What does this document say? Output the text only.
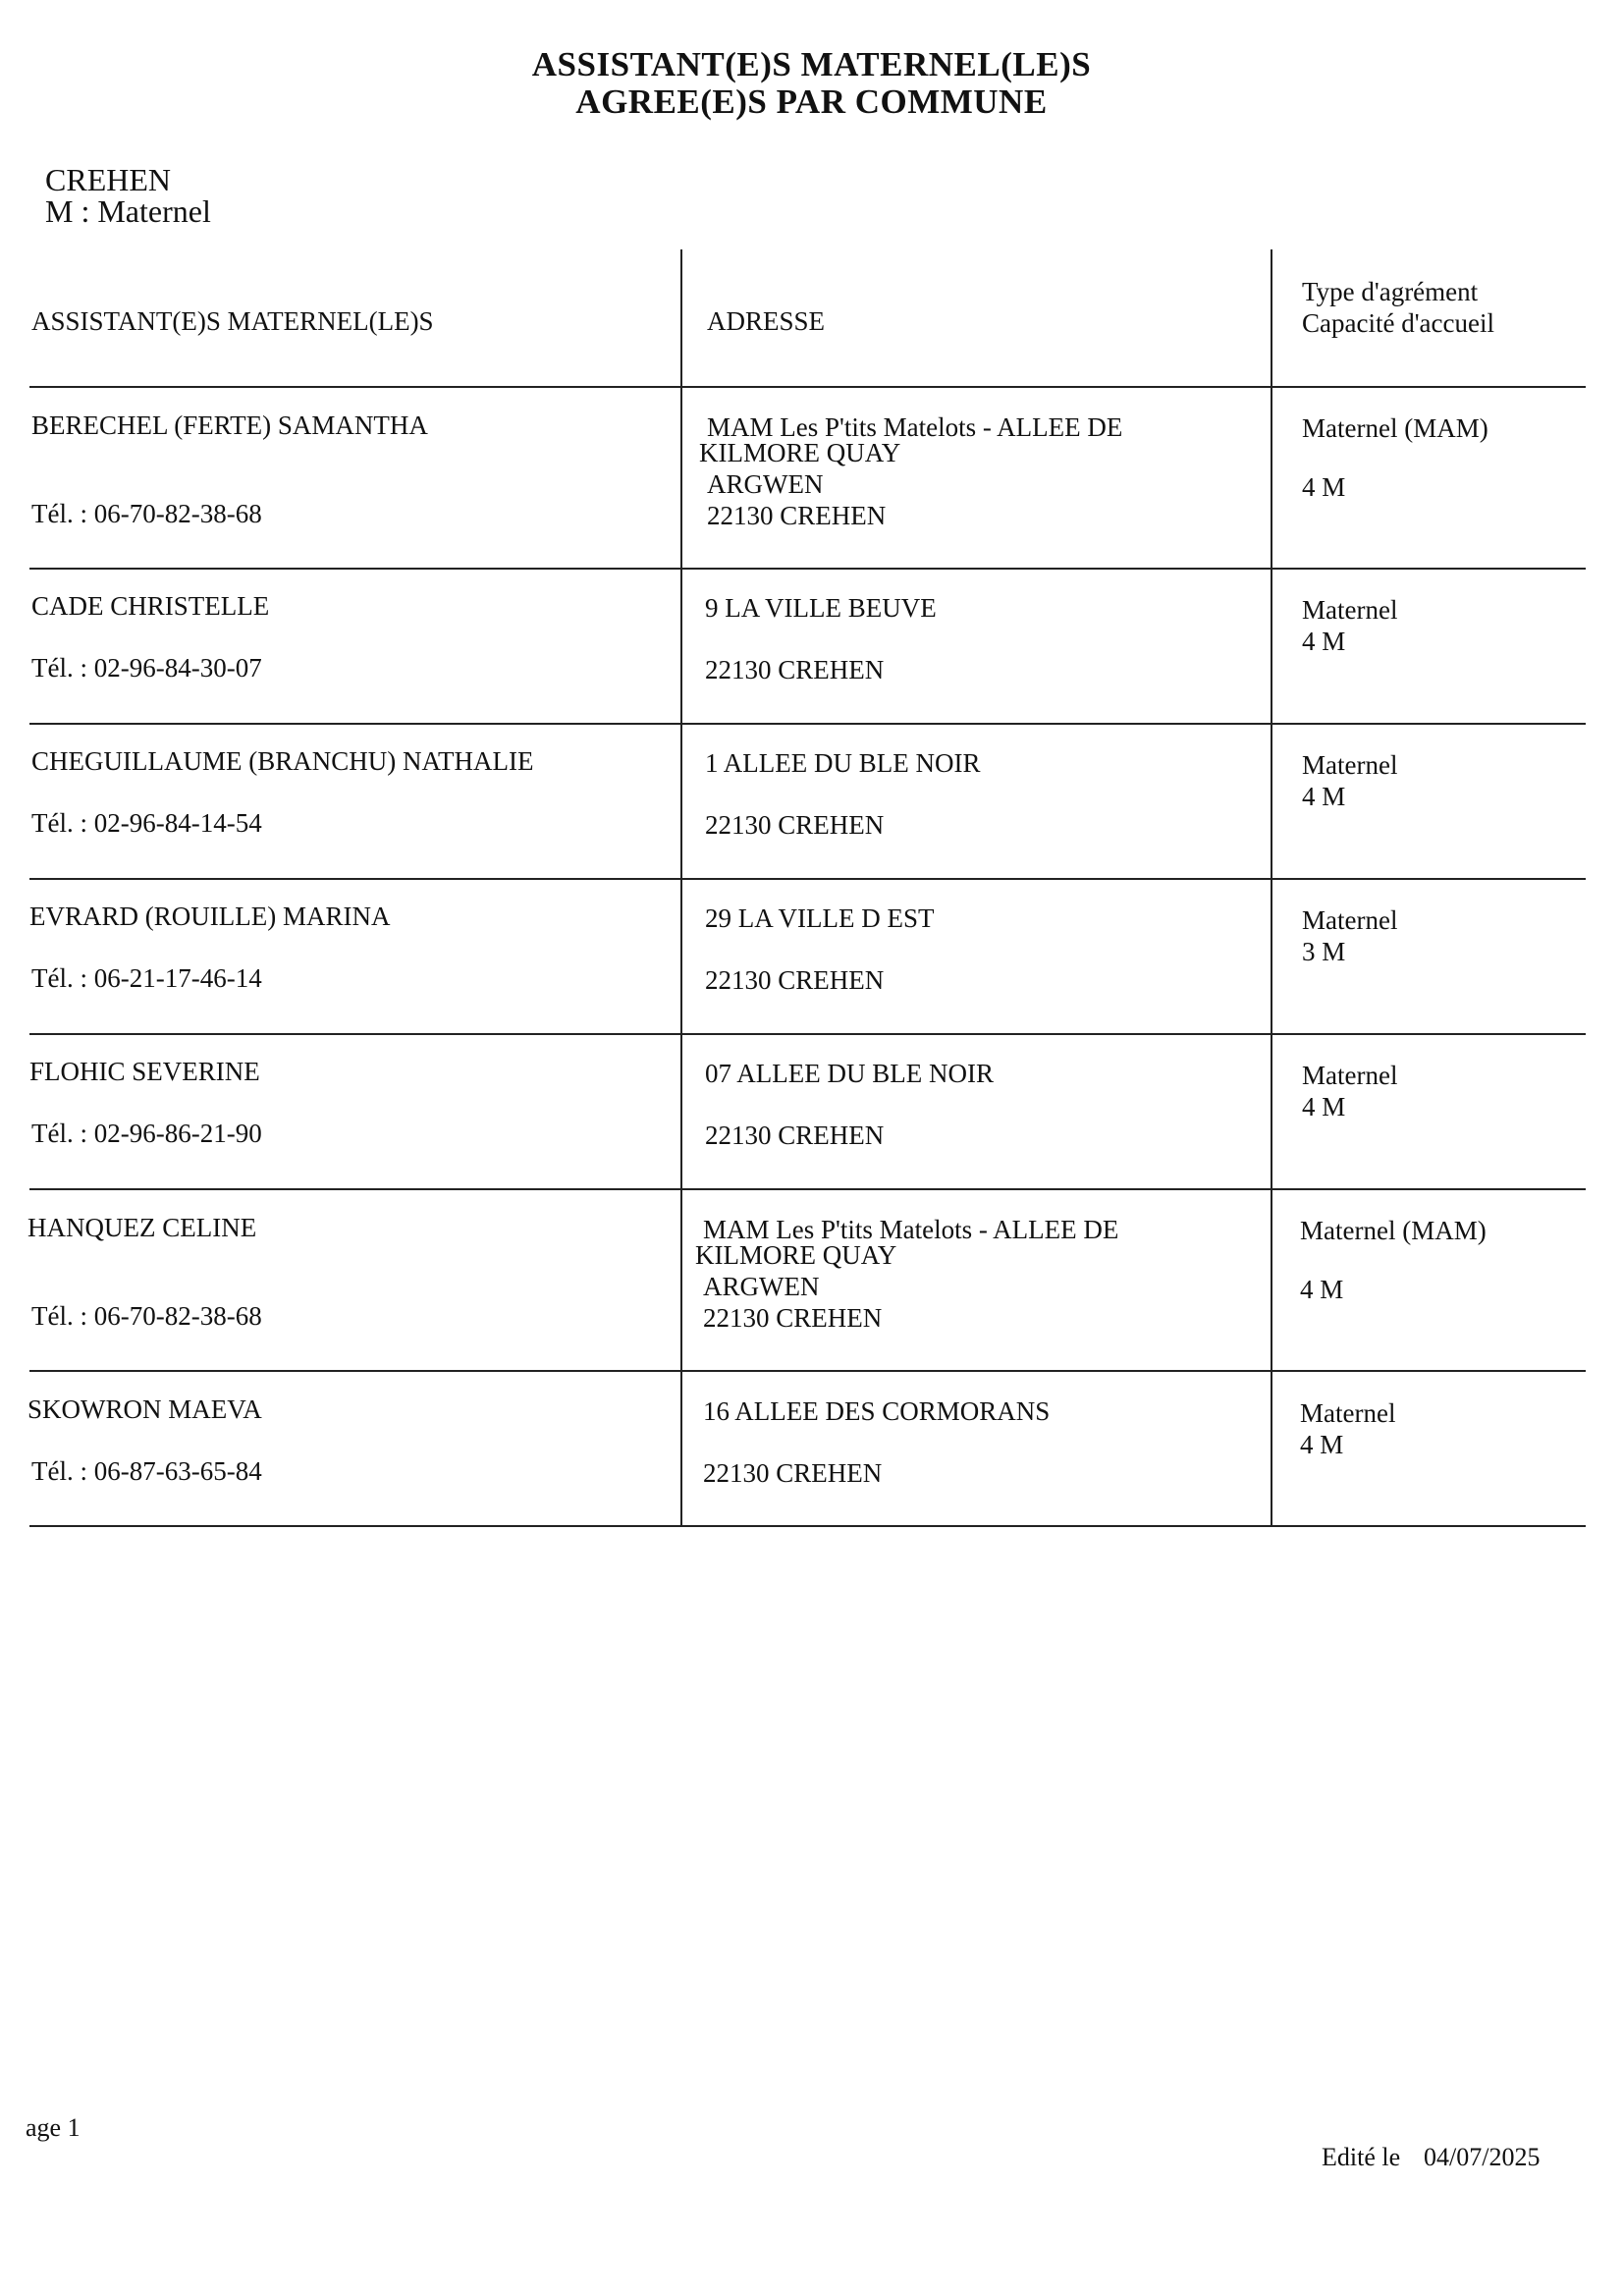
ASSISTANT(E)S MATERNEL(LE)S
AGREE(E)S PAR COMMUNE
CREHEN
M : Maternel
ASSISTANT(E)S MATERNEL(LE)S	ADRESSE
Type d'agrément
Capacité d'accueil
BERECHEL (FERTE) SAMANTHA
Tél. : 06-70-82-38-68
MAM Les P'tits Matelots - ALLEE DE
KILMORE QUAY
ARGWEN
22130 CREHEN
Maternel (MAM)
4 M
CADE CHRISTELLE
Tél. : 02-96-84-30-07
9 LA VILLE BEUVE
22130 CREHEN
Maternel
4 M
CHEGUILLAUME (BRANCHU) NATHALIE
Tél. : 02-96-84-14-54
1 ALLEE DU BLE NOIR
22130 CREHEN
Maternel
4 M
EVRARD (ROUILLE) MARINA
Tél. : 06-21-17-46-14
29 LA VILLE D EST
22130 CREHEN
Maternel
3 M
FLOHIC SEVERINE
Tél. : 02-96-86-21-90
07 ALLEE DU BLE NOIR
22130 CREHEN
Maternel
4 M
HANQUEZ CELINE
Tél. : 06-70-82-38-68
MAM Les P'tits Matelots - ALLEE DE
KILMORE QUAY
ARGWEN
22130 CREHEN
Maternel (MAM)
4 M
SKOWRON MAEVA
Tél. : 06-87-63-65-84
16 ALLEE DES CORMORANS
22130 CREHEN
Maternel
4 M
age 1
Edité le 04/07/2025
